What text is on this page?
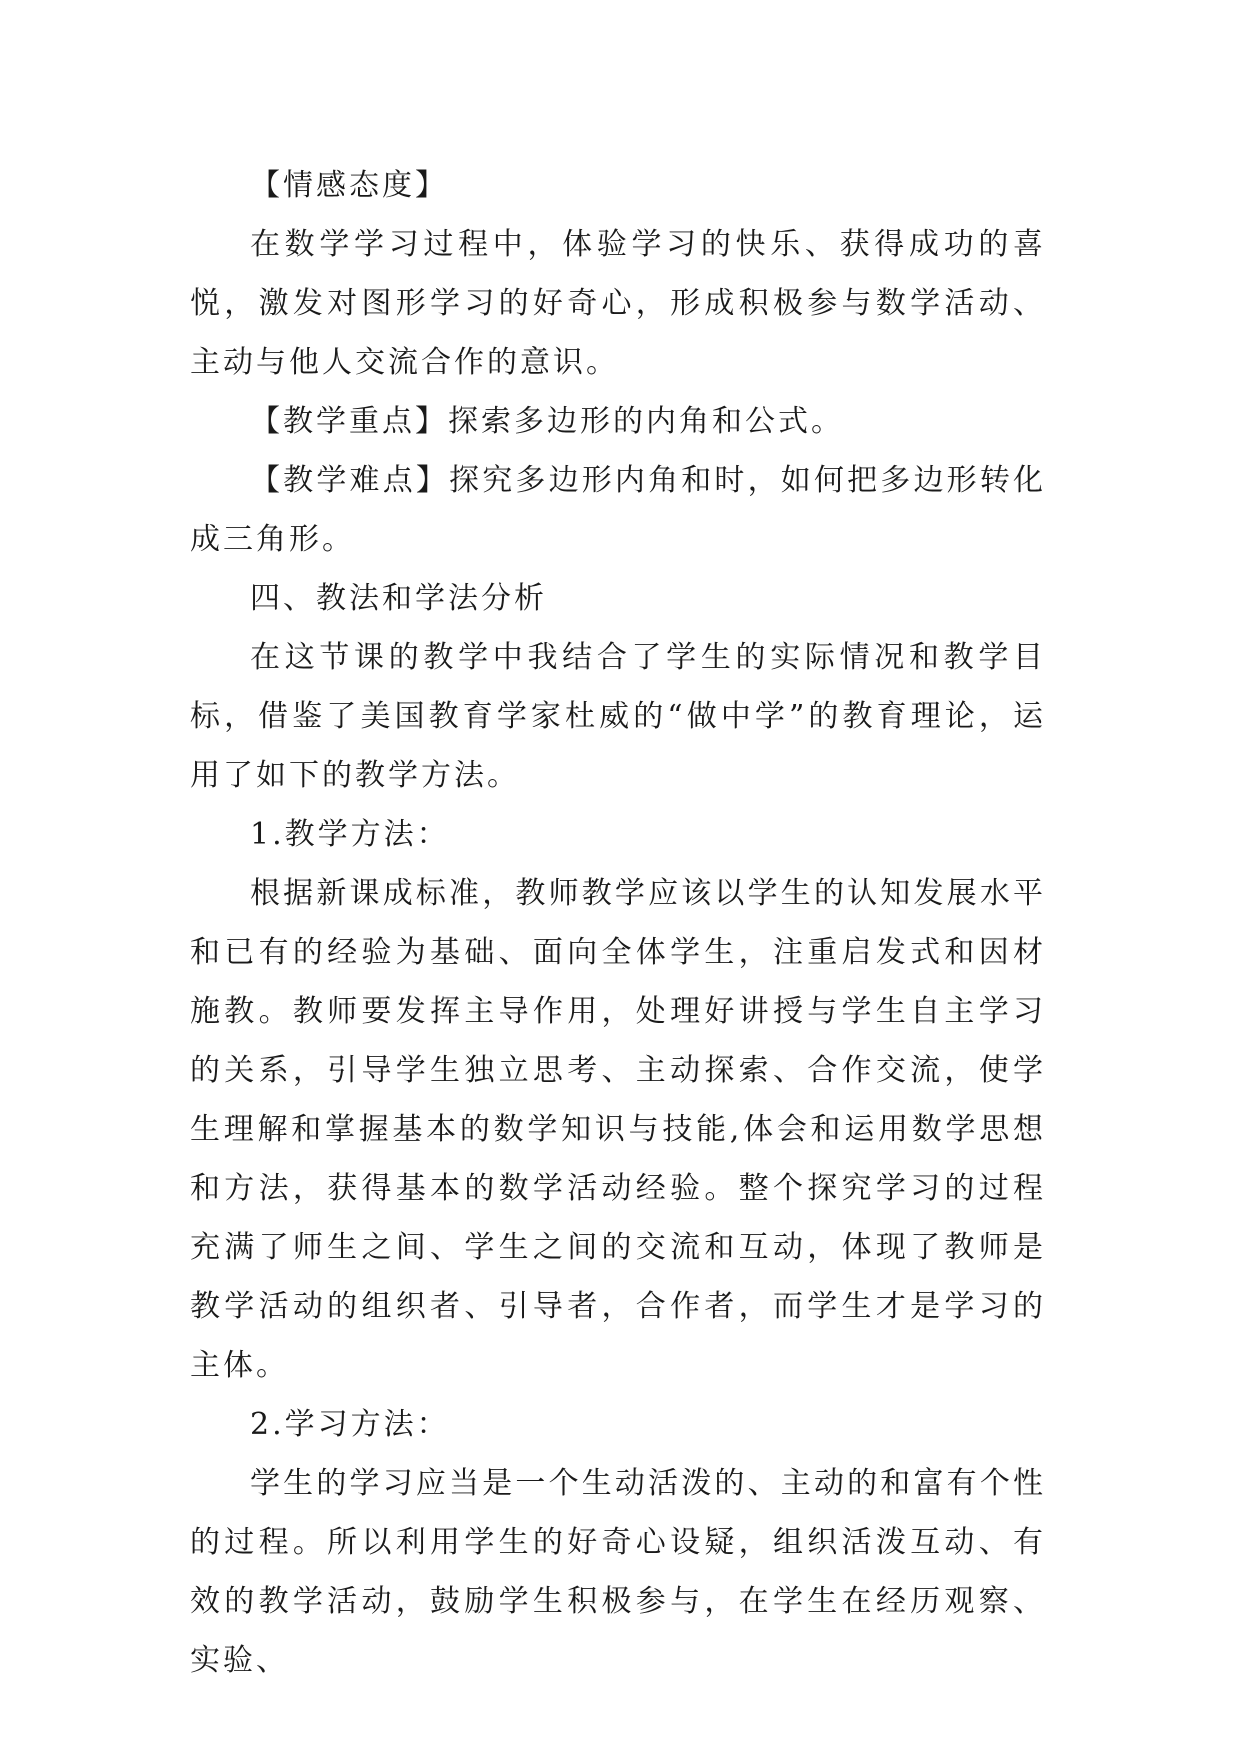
【情感态度】

在数学学习过程中，体验学习的快乐、获得成功的喜悦，激发对图形学习的好奇心，形成积极参与数学活动、主动与他人交流合作的意识。

【教学重点】探索多边形的内角和公式。

【教学难点】探究多边形内角和时，如何把多边形转化成三角形。

四、教法和学法分析

在这节课的教学中我结合了学生的实际情况和教学目标，借鉴了美国教育学家杜威的“做中学”的教育理论，运用了如下的教学方法。

1.教学方法：

根据新课成标准，教师教学应该以学生的认知发展水平和已有的经验为基础、面向全体学生，注重启发式和因材施教。教师要发挥主导作用，处理好讲授与学生自主学习的关系，引导学生独立思考、主动探索、合作交流，使学生理解和掌握基本的数学知识与技能,体会和运用数学思想和方法，获得基本的数学活动经验。整个探究学习的过程充满了师生之间、学生之间的交流和互动，体现了教师是教学活动的组织者、引导者，合作者，而学生才是学习的主体。

2.学习方法：

学生的学习应当是一个生动活泼的、主动的和富有个性的过程。所以利用学生的好奇心设疑，组织活泼互动、有效的教学活动，鼓励学生积极参与，在学生在经历观察、实验、
